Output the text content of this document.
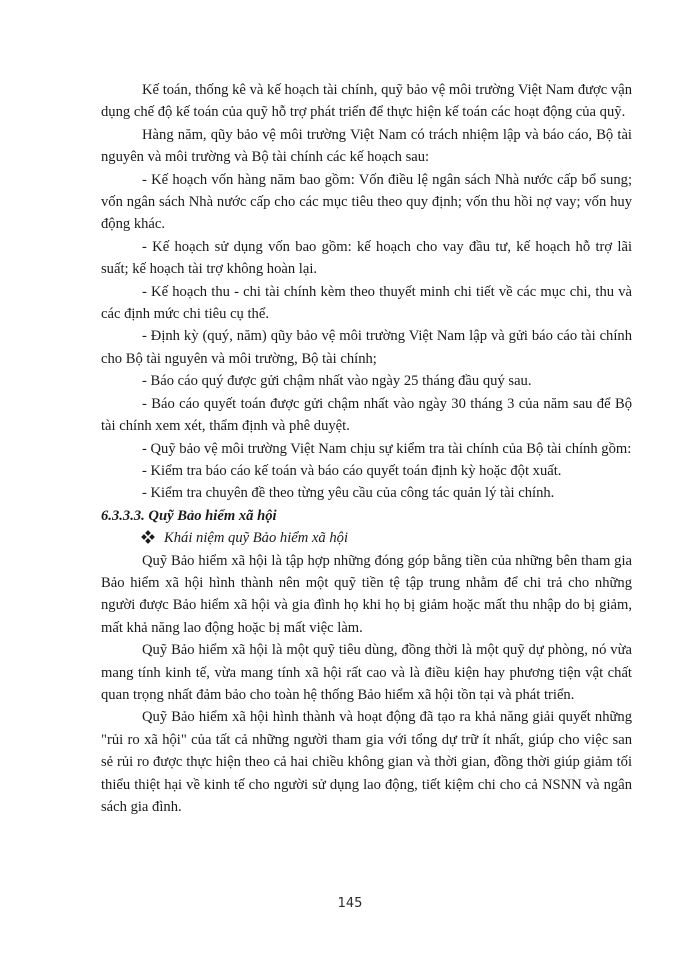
Kế toán, thống kê và kế hoạch tài chính, quỹ bảo vệ môi trường Việt Nam được vận dụng chế độ kế toán của quỹ hỗ trợ phát triển để thực hiện kế toán các hoạt động của quỹ.

Hàng năm, qũy bảo vệ môi trường Việt Nam có trách nhiệm lập và báo cáo, Bộ tài nguyên và môi trường và Bộ tài chính các kế hoạch sau:

- Kế hoạch vốn hàng năm bao gồm: Vốn điều lệ ngân sách Nhà nước cấp bổ sung; vốn ngân sách Nhà nước cấp cho các mục tiêu theo quy định; vốn thu hồi nợ vay; vốn huy động khác.

- Kế hoạch sử dụng vốn bao gồm: kế hoạch cho vay đầu tư, kế hoạch hỗ trợ lãi suất; kế hoạch tài trợ không hoàn lại.

- Kế hoạch thu - chi tài chính kèm theo thuyết minh chi tiết về các mục chi, thu và các định mức chi tiêu cụ thể.

- Định kỳ (quý, năm) qũy bảo vệ môi trường Việt Nam lập và gửi báo cáo tài chính cho Bộ tài nguyên và môi trường, Bộ tài chính;

- Báo cáo quý được gửi chậm nhất vào ngày 25 tháng đầu quý sau.

- Báo cáo quyết toán được gửi chậm nhất vào ngày 30 tháng 3 của năm sau để Bộ tài chính xem xét, thẩm định và phê duyệt.

- Quỹ bảo vệ môi trường Việt Nam chịu sự kiểm tra tài chính của Bộ tài chính gồm:

- Kiểm tra báo cáo kế toán và báo cáo quyết toán định kỳ hoặc đột xuất.

- Kiểm tra chuyên đề theo từng yêu cầu của công tác quản lý tài chính.

6.3.3.3. Quỹ Bảo hiểm xã hội

Khái niệm quỹ Bảo hiểm xã hội

Quỹ Bảo hiểm xã hội là tập hợp những đóng góp bằng tiền của những bên tham gia Bảo hiểm xã hội hình thành nên một quỹ tiền tệ tập trung nhằm để chi trả cho những người được Bảo hiểm xã hội và gia đình họ khi họ bị giảm hoặc mất thu nhập do bị giảm, mất khả năng lao động hoặc bị mất việc làm.

Quỹ Bảo hiểm xã hội là một quỹ tiêu dùng, đồng thời là một quỹ dự phòng, nó vừa mang tính kinh tế, vừa mang tính xã hội rất cao và là điều kiện hay phương tiện vật chất quan trọng nhất đảm bảo cho toàn hệ thống Bảo hiểm xã hội tồn tại và phát triển.

Quỹ Bảo hiểm xã hội hình thành và hoạt động đã tạo ra khả năng giải quyết những "rủi ro xã hội" của tất cả những người tham gia với tổng dự trữ ít nhất, giúp cho việc san sẻ rủi ro được thực hiện theo cả hai chiều không gian và thời gian, đồng thời giúp giảm tối thiểu thiệt hại về kinh tế cho người sử dụng lao động, tiết kiệm chi cho cả NSNN và ngân sách gia đình.

145
